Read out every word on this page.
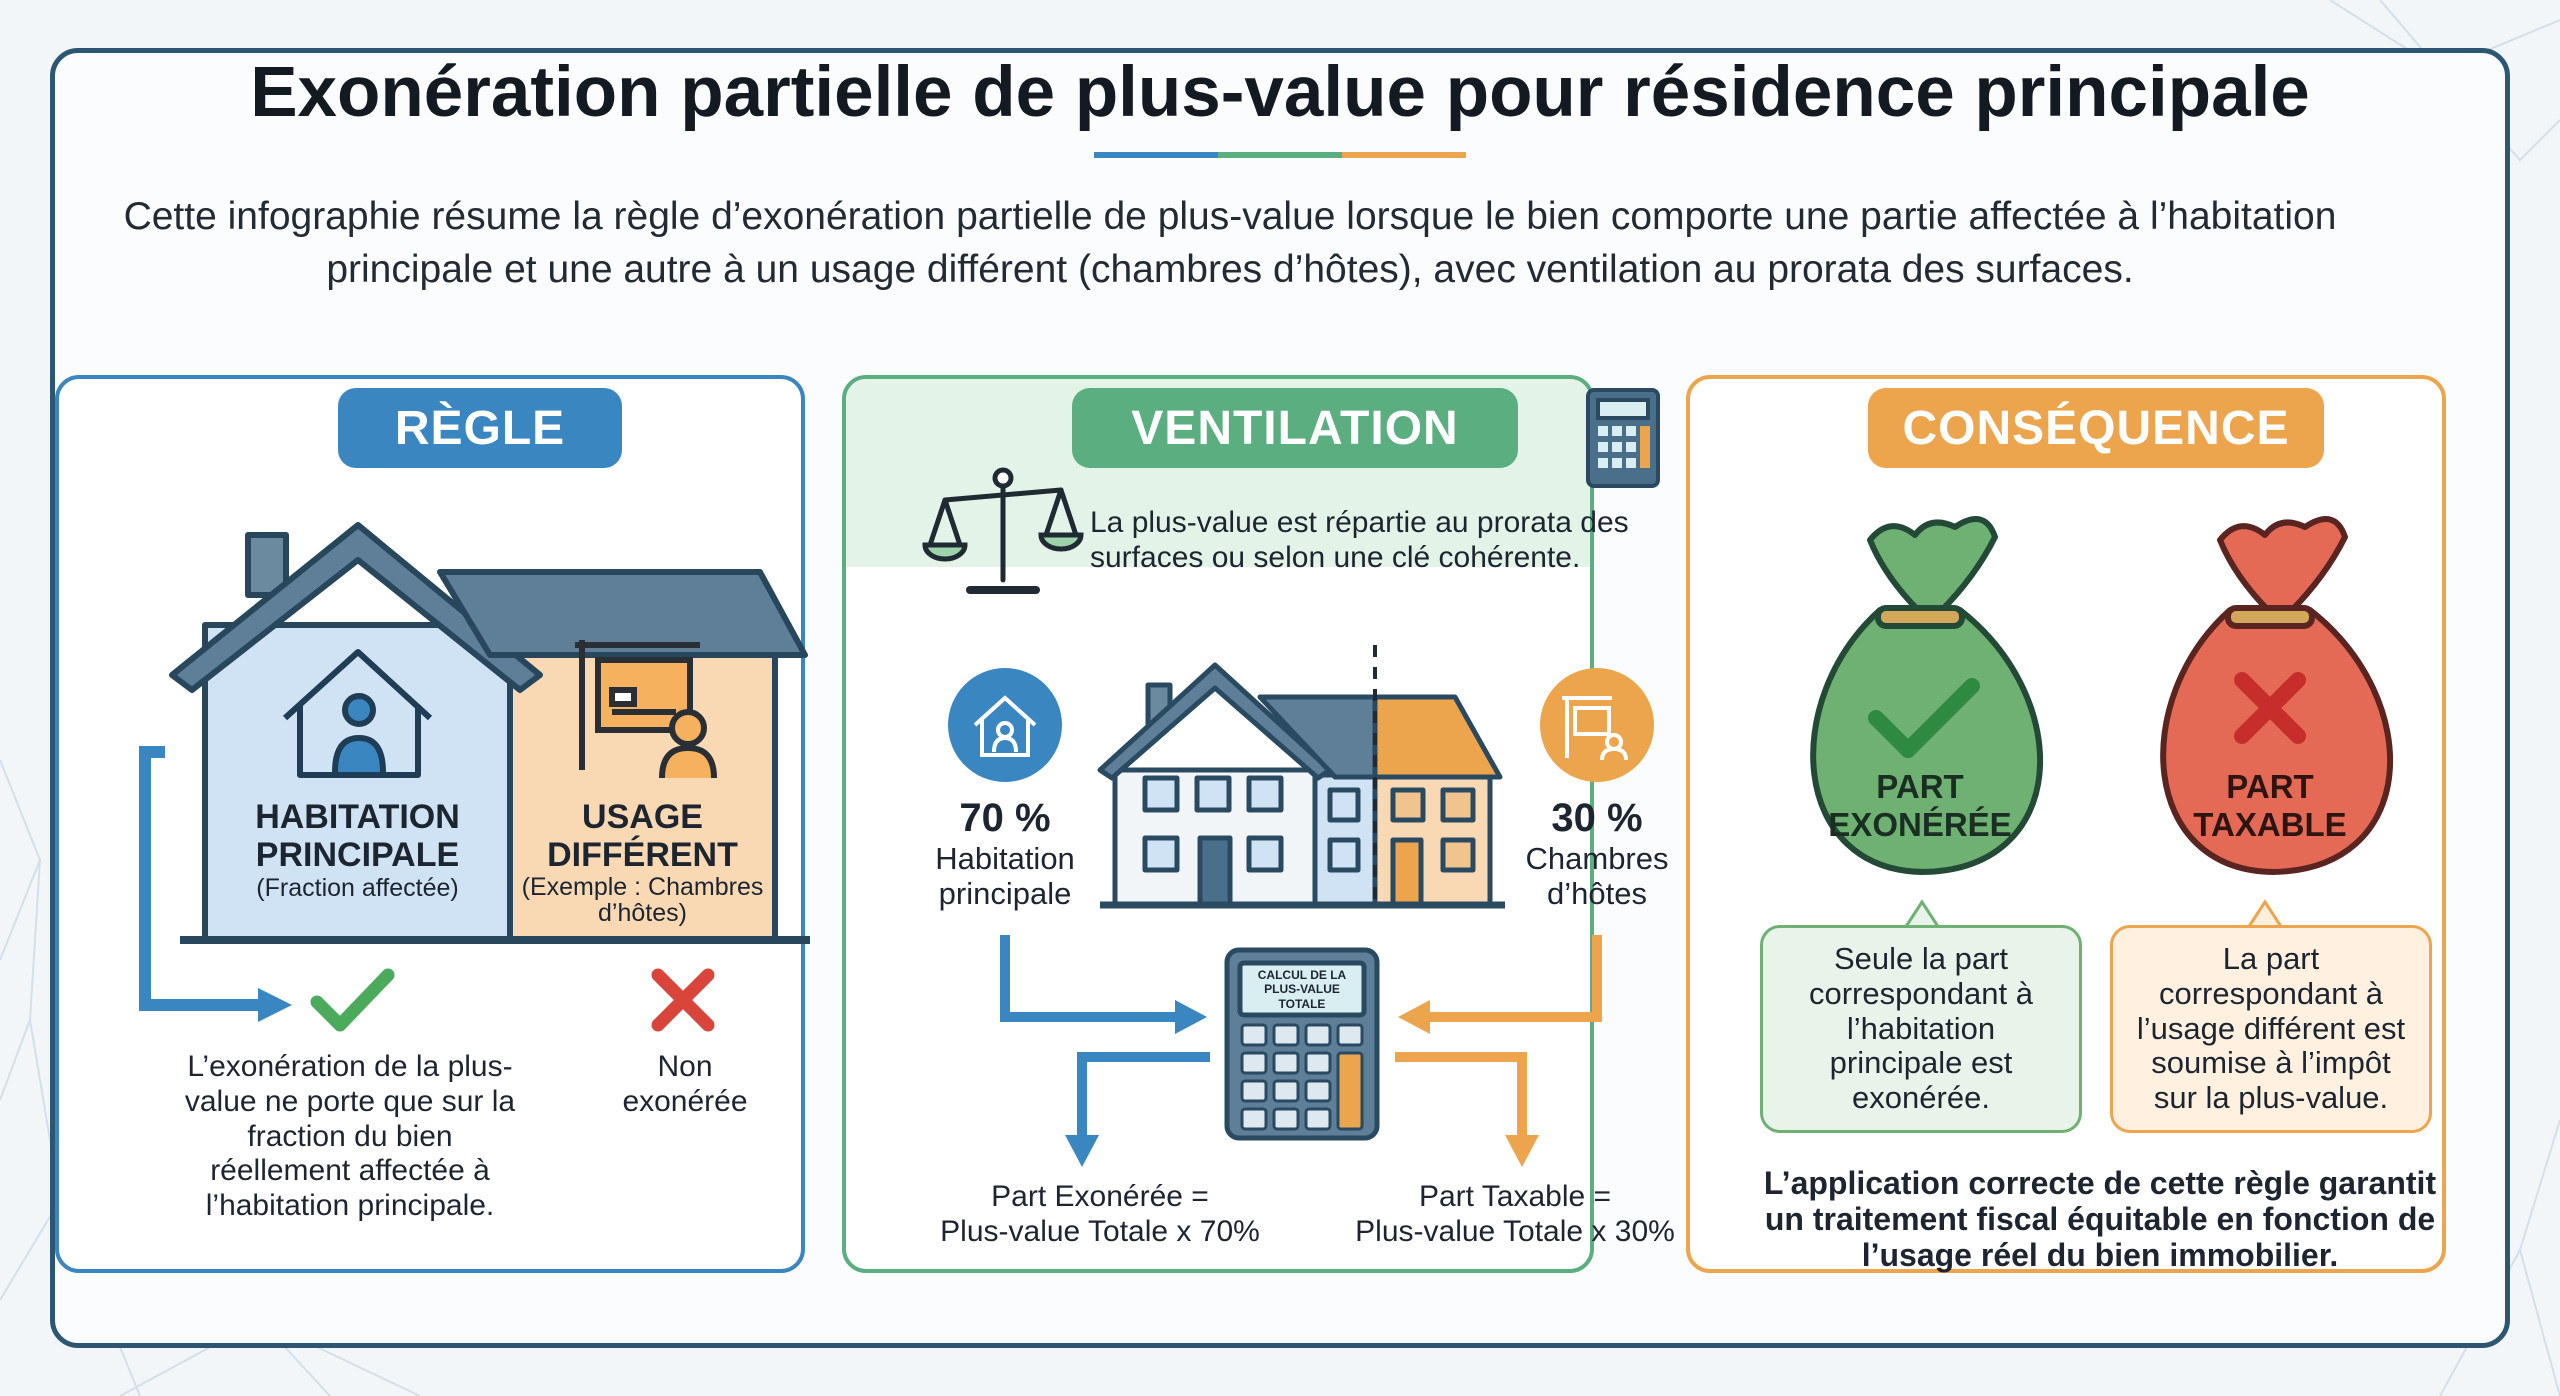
Exonération partielle de plus-value pour résidence principale
Cette infographie résume la règle d’exonération partielle de plus-value lorsque le bien comporte une partie affectée à l’habitation principale et une autre à un usage différent (chambres d’hôtes), avec ventilation au prorata des surfaces.
RÈGLE	VENTILATION	CONSÉQUENCE
HABITATION
PRINCIPALE
(Fraction affectée)
USAGE
DIFFÉRENT
(Exemple : Chambres d’hôtes)
L’exonération de la plus-value ne porte que sur la fraction du bien réellement affectée à l’habitation principale.
Non exonérée
La plus-value est répartie au prorata des surfaces ou selon une clé cohérente.
70 %
Habitation principale
30 %
Chambres d’hôtes
CALCUL DE LA PLUS-VALUE TOTALE
Part Exonérée =
Plus-value Totale x 70%
Part Taxable =
Plus-value Totale x 30%
PART
EXONÉRÉE
PART
TAXABLE
Seule la part correspondant à l’habitation principale est exonérée.
La part correspondant à l’usage différent est soumise à l’impôt sur la plus-value.
L’application correcte de cette règle garantit un traitement fiscal équitable en fonction de l’usage réel du bien immobilier.
